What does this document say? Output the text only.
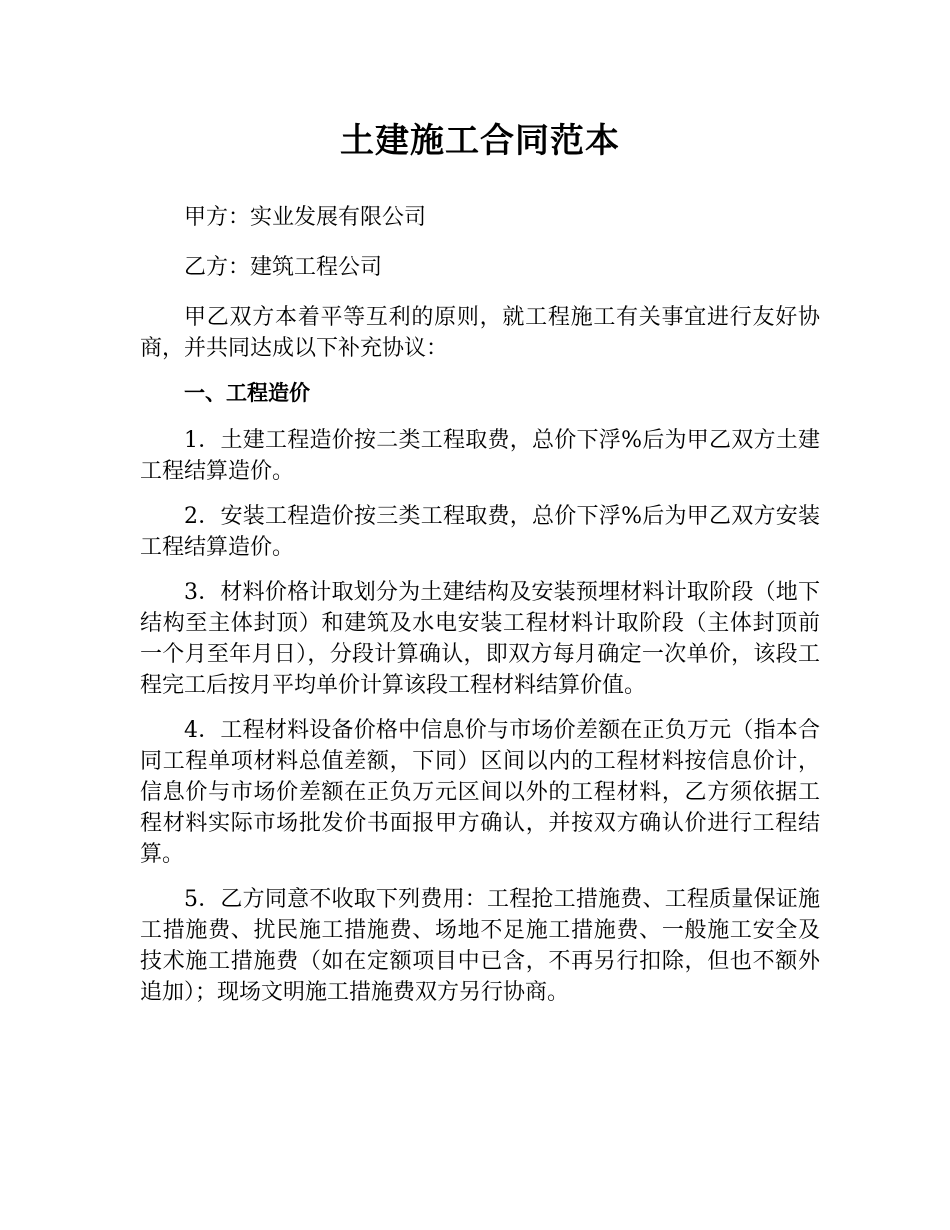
土建施工合同范本

甲方：实业发展有限公司

乙方：建筑工程公司

甲乙双方本着平等互利的原则，就工程施工有关事宜进行友好协商，并共同达成以下补充协议：

一、工程造价

1．土建工程造价按二类工程取费，总价下浮%后为甲乙双方土建工程结算造价。

2．安装工程造价按三类工程取费，总价下浮%后为甲乙双方安装工程结算造价。

3．材料价格计取划分为土建结构及安装预埋材料计取阶段（地下结构至主体封顶）和建筑及水电安装工程材料计取阶段（主体封顶前一个月至年月日），分段计算确认，即双方每月确定一次单价，该段工程完工后按月平均单价计算该段工程材料结算价值。

4．工程材料设备价格中信息价与市场价差额在正负万元（指本合同工程单项材料总值差额，下同）区间以内的工程材料按信息价计，信息价与市场价差额在正负万元区间以外的工程材料，乙方须依据工程材料实际市场批发价书面报甲方确认，并按双方确认价进行工程结算。

5．乙方同意不收取下列费用：工程抢工措施费、工程质量保证施工措施费、扰民施工措施费、场地不足施工措施费、一般施工安全及技术施工措施费（如在定额项目中已含，不再另行扣除，但也不额外追加）；现场文明施工措施费双方另行协商。
